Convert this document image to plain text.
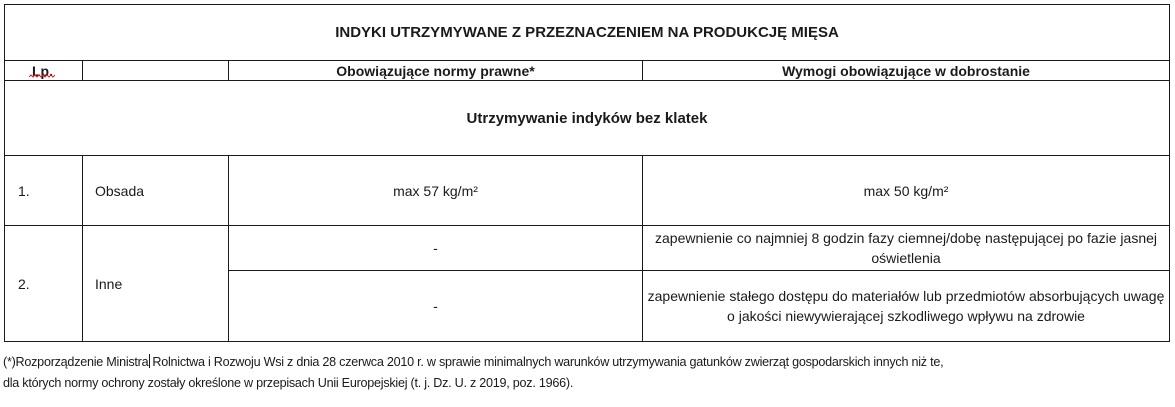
INDYKI UTRZYMYWANE Z PRZEZNACZENIEM NA PRODUKCJĘ MIĘSA			
Lp.		Obowiązujące normy prawne*	Wymogi obowiązujące w dobrostanie
Utrzymywanie indyków bez klatek			
1.	Obsada	max 57 kg/m²	max 50 kg/m²
2.	Inne	-	zapewnienie co najmniej 8 godzin fazy ciemnej/dobę następującej po fazie jasnej oświetlenia
		-	zapewnienie stałego dostępu do materiałów lub przedmiotów absorbujących uwagę o jakości niewywierającej szkodliwego wpływu na zdrowie
(*)Rozporządzenie Ministra Rolnictwa i Rozwoju Wsi z dnia 28 czerwca 2010 r. w sprawie minimalnych warunków utrzymywania gatunków zwierząt gospodarskich innych niż te,
dla których normy ochrony zostały określone w przepisach Unii Europejskiej (t. j. Dz. U. z 2019, poz. 1966).
